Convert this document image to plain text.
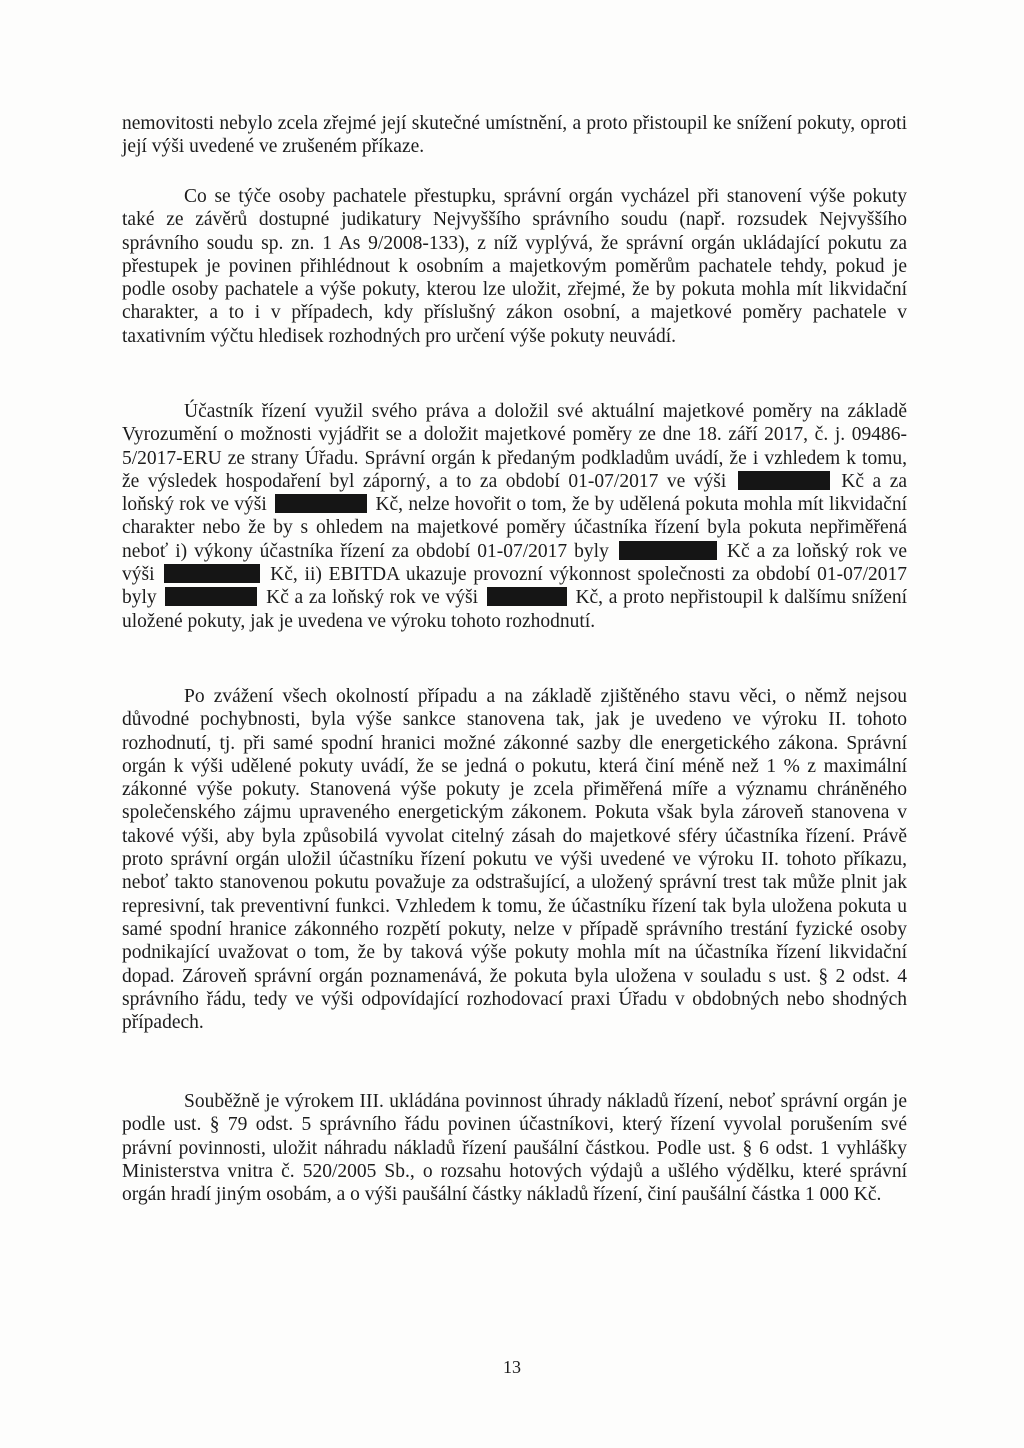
nemovitosti nebylo zcela zřejmé její skutečné umístnění, a proto přistoupil ke snížení pokuty, oproti její výši uvedené ve zrušeném příkaze.

Co se týče osoby pachatele přestupku, správní orgán vycházel při stanovení výše pokuty také ze závěrů dostupné judikatury Nejvyššího správního soudu (např. rozsudek Nejvyššího správního soudu sp. zn. 1 As 9/2008-133), z níž vyplývá, že správní orgán ukládající pokutu za přestupek je povinen přihlédnout k osobním a majetkovým poměrům pachatele tehdy, pokud je podle osoby pachatele a výše pokuty, kterou lze uložit, zřejmé, že by pokuta mohla mít likvidační charakter, a to i v případech, kdy příslušný zákon osobní, a majetkové poměry pachatele v taxativním výčtu hledisek rozhodných pro určení výše pokuty neuvádí.

Účastník řízení využil svého práva a doložil své aktuální majetkové poměry na základě Vyrozumění o možnosti vyjádřit se a doložit majetkové poměry ze dne 18. září 2017, č. j. 09486-5/2017-ERU ze strany Úřadu. Správní orgán k předaným podkladům uvádí, že i vzhledem k tomu, že výsledek hospodaření byl záporný, a to za období 01-07/2017 ve výši	Kč a za loňský rok ve výši	Kč, nelze hovořit o tom, že by udělená pokuta mohla mít likvidační charakter nebo že by s ohledem na majetkové poměry účastníka řízení byla pokuta nepřiměřená neboť i) výkony účastníka řízení za období 01-07/2017 byly	Kč a za loňský rok ve výši	Kč, ii) EBITDA ukazuje provozní výkonnost společnosti za období 01-07/2017 byly	Kč a za loňský rok ve výši	Kč, a proto nepřistoupil k dalšímu snížení uložené pokuty, jak je uvedena ve výroku tohoto rozhodnutí.

Po zvážení všech okolností případu a na základě zjištěného stavu věci, o němž nejsou důvodné pochybnosti, byla výše sankce stanovena tak, jak je uvedeno ve výroku II. tohoto rozhodnutí, tj. při samé spodní hranici možné zákonné sazby dle energetického zákona. Správní orgán k výši udělené pokuty uvádí, že se jedná o pokutu, která činí méně než 1 % z maximální zákonné výše pokuty. Stanovená výše pokuty je zcela přiměřená míře a významu chráněného společenského zájmu upraveného energetickým zákonem. Pokuta však byla zároveň stanovena v takové výši, aby byla způsobilá vyvolat citelný zásah do majetkové sféry účastníka řízení. Právě proto správní orgán uložil účastníku řízení pokutu ve výši uvedené ve výroku II. tohoto příkazu, neboť takto stanovenou pokutu považuje za odstrašující, a uložený správní trest tak může plnit jak represivní, tak preventivní funkci. Vzhledem k tomu, že účastníku řízení tak byla uložena pokuta u samé spodní hranice zákonného rozpětí pokuty, nelze v případě správního trestání fyzické osoby podnikající uvažovat o tom, že by taková výše pokuty mohla mít na účastníka řízení likvidační dopad. Zároveň správní orgán poznamenává, že pokuta byla uložena v souladu s ust. § 2 odst. 4 správního řádu, tedy ve výši odpovídající rozhodovací praxi Úřadu v obdobných nebo shodných případech.

Souběžně je výrokem III. ukládána povinnost úhrady nákladů řízení, neboť správní orgán je podle ust. § 79 odst. 5 správního řádu povinen účastníkovi, který řízení vyvolal porušením své právní povinnosti, uložit náhradu nákladů řízení paušální částkou. Podle ust. § 6 odst. 1 vyhlášky Ministerstva vnitra č. 520/2005 Sb., o rozsahu hotových výdajů a ušlého výdělku, které správní orgán hradí jiným osobám, a o výši paušální částky nákladů řízení, činí paušální částka 1 000 Kč.

13
